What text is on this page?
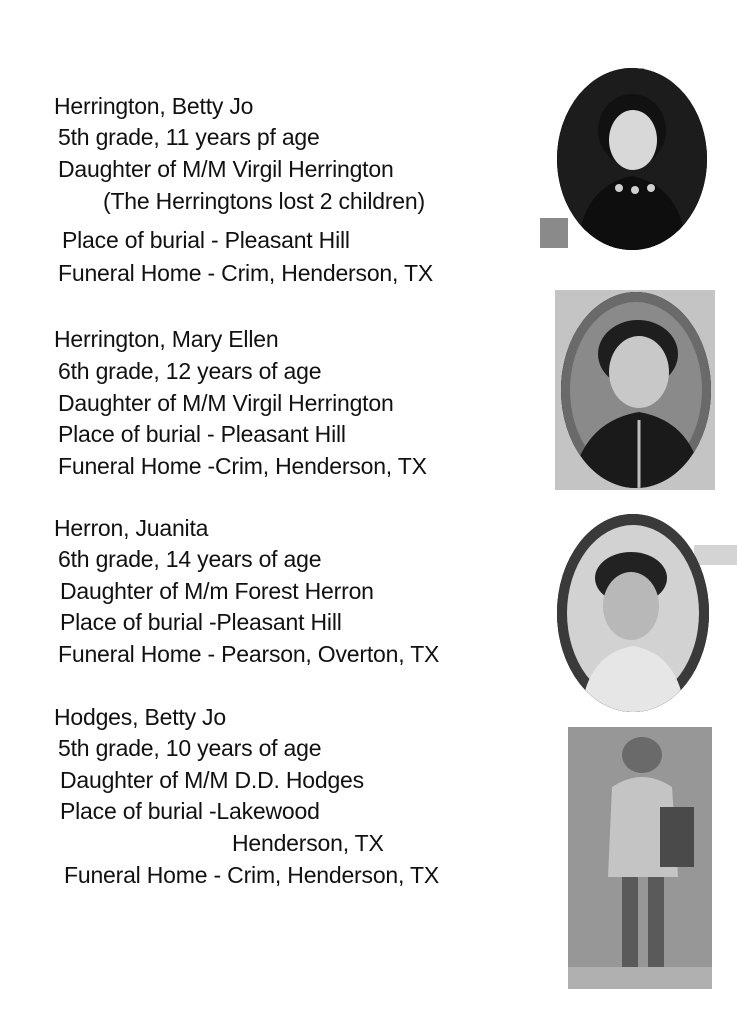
Herrington, Betty Jo
5th grade, 11 years pf age
Daughter of M/M Virgil Herrington
(The Herringtons lost 2 children)
Place of burial - Pleasant Hill
Funeral Home - Crim, Henderson, TX
Herrington, Mary Ellen
6th grade, 12 years of age
Daughter of M/M Virgil Herrington
Place of burial - Pleasant Hill
Funeral Home -Crim, Henderson, TX
Herron, Juanita
6th grade, 14 years of age
Daughter of M/m Forest Herron
Place of burial -Pleasant Hill
Funeral Home - Pearson, Overton, TX
Hodges, Betty Jo
5th grade, 10 years of age
Daughter of M/M D.D. Hodges
Place of burial -Lakewood
Henderson, TX
Funeral Home - Crim, Henderson, TX
